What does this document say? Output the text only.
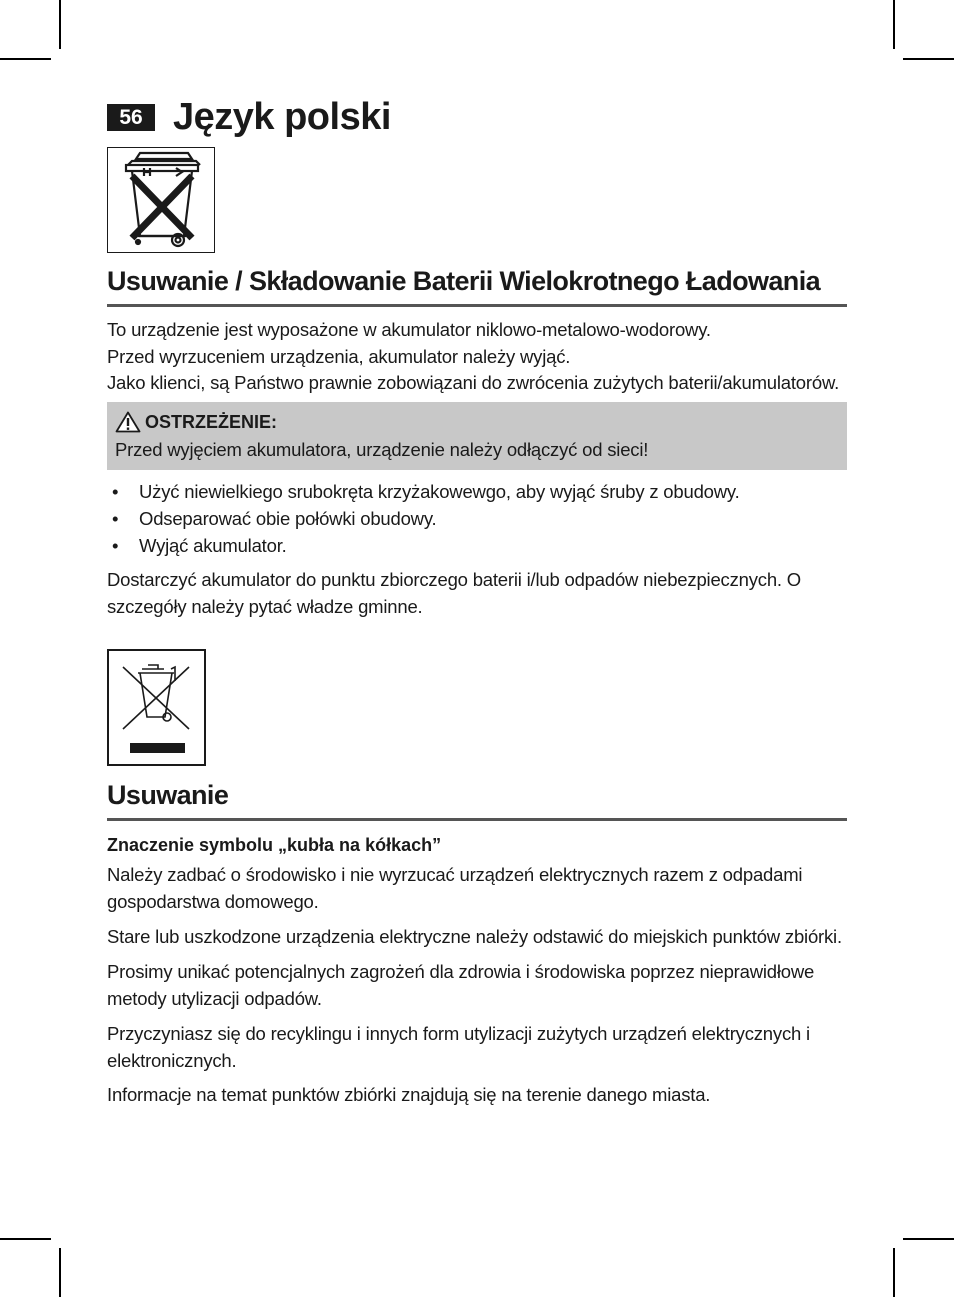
56 Język polski
Usuwanie / Składowanie Baterii Wielokrotnego Ładowania

To urządzenie jest wyposażone w akumulator niklowo-metalowo-wodorowy.

Przed wyrzuceniem urządzenia, akumulator należy wyjąć.

Jako klienci, są Państwo prawnie zobowiązani do zwrócenia zużytych baterii/akumulatorów.

OSTRZEŻENIE:
Przed wyjęciem akumulatora, urządzenie należy odłączyć od sieci!
• Użyć niewielkiego srubokręta krzyżakowewgo, aby wyjąć śruby z obudowy.
• Odseparować obie połówki obudowy.
• Wyjąć akumulator.

Dostarczyć akumulator do punktu zbiorczego baterii i/lub odpadów niebezpiecznych. O szczegóły należy pytać władze gminne.

Usuwanie
Znaczenie symbolu „kubła na kółkach”

Należy zadbać o środowisko i nie wyrzucać urządzeń elektrycznych razem z odpadami gospodarstwa domowego.

Stare lub uszkodzone urządzenia elektryczne należy odstawić do miejskich punktów zbiórki.

Prosimy unikać potencjalnych zagrożeń dla zdrowia i środowiska poprzez nieprawidłowe metody utylizacji odpadów.

Przyczyniasz się do recyklingu i innych form utylizacji zużytych urządzeń elektrycznych i elektronicznych.

Informacje na temat punktów zbiórki znajdują się na terenie danego miasta.
